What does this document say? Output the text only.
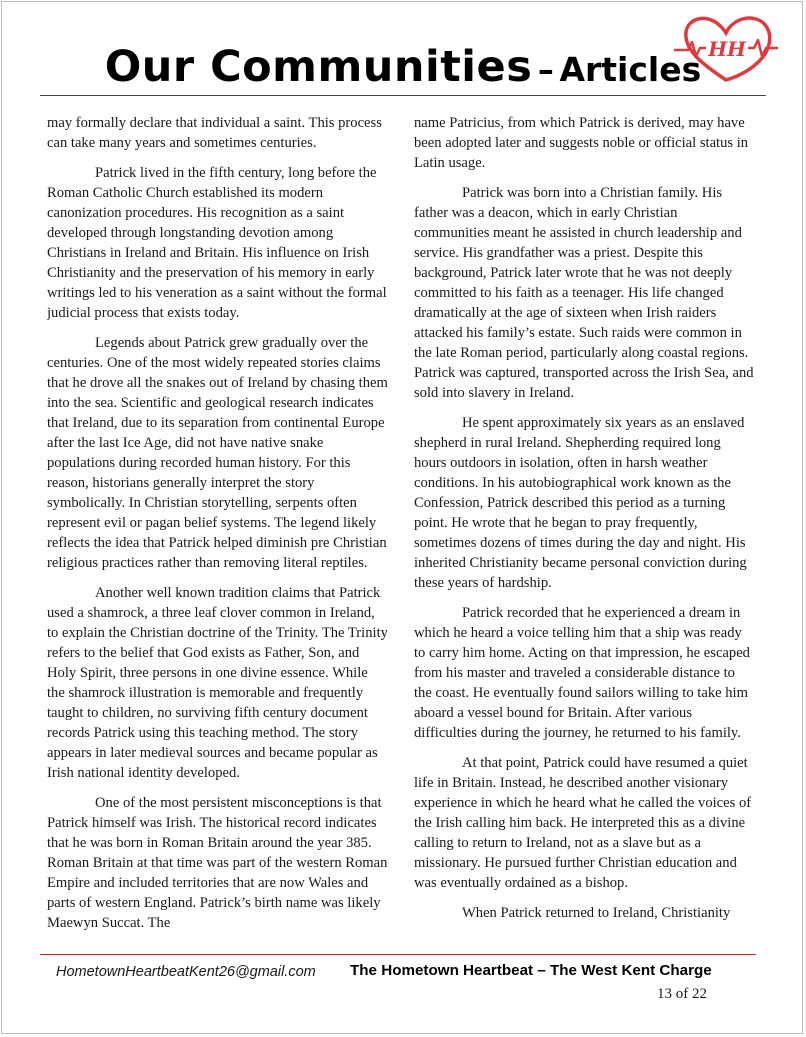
Our Communities – Articles
HH

may formally declare that individual a saint. This process can take many years and sometimes centuries.

Patrick lived in the fifth century, long before the Roman Catholic Church established its modern canonization procedures. His recognition as a saint developed through longstanding devotion among Christians in Ireland and Britain. His influence on Irish Christianity and the preservation of his memory in early writings led to his veneration as a saint without the formal judicial process that exists today.

Legends about Patrick grew gradually over the centuries. One of the most widely repeated stories claims that he drove all the snakes out of Ireland by chasing them into the sea. Scientific and geological research indicates that Ireland, due to its separation from continental Europe after the last Ice Age, did not have native snake populations during recorded human history. For this reason, historians generally interpret the story symbolically. In Christian storytelling, serpents often represent evil or pagan belief systems. The legend likely reflects the idea that Patrick helped diminish pre Christian religious practices rather than removing literal reptiles.

Another well known tradition claims that Patrick used a shamrock, a three leaf clover common in Ireland, to explain the Christian doctrine of the Trinity. The Trinity refers to the belief that God exists as Father, Son, and Holy Spirit, three persons in one divine essence. While the shamrock illustration is memorable and frequently taught to children, no surviving fifth century document records Patrick using this teaching method. The story appears in later medieval sources and became popular as Irish national identity developed.

One of the most persistent misconceptions is that Patrick himself was Irish. The historical record indicates that he was born in Roman Britain around the year 385. Roman Britain at that time was part of the western Roman Empire and included territories that are now Wales and parts of western England. Patrick’s birth name was likely Maewyn Succat. The

name Patricius, from which Patrick is derived, may have been adopted later and suggests noble or official status in Latin usage.

Patrick was born into a Christian family. His father was a deacon, which in early Christian communities meant he assisted in church leadership and service. His grandfather was a priest. Despite this background, Patrick later wrote that he was not deeply committed to his faith as a teenager. His life changed dramatically at the age of sixteen when Irish raiders attacked his family’s estate. Such raids were common in the late Roman period, particularly along coastal regions. Patrick was captured, transported across the Irish Sea, and sold into slavery in Ireland.

He spent approximately six years as an enslaved shepherd in rural Ireland. Shepherding required long hours outdoors in isolation, often in harsh weather conditions. In his autobiographical work known as the Confession, Patrick described this period as a turning point. He wrote that he began to pray frequently, sometimes dozens of times during the day and night. His inherited Christianity became personal conviction during these years of hardship.

Patrick recorded that he experienced a dream in which he heard a voice telling him that a ship was ready to carry him home. Acting on that impression, he escaped from his master and traveled a considerable distance to the coast. He eventually found sailors willing to take him aboard a vessel bound for Britain. After various difficulties during the journey, he returned to his family.

At that point, Patrick could have resumed a quiet life in Britain. Instead, he described another visionary experience in which he heard what he called the voices of the Irish calling him back. He interpreted this as a divine calling to return to Ireland, not as a slave but as a missionary. He pursued further Christian education and was eventually ordained as a bishop.

When Patrick returned to Ireland, Christianity

HometownHeartbeatKent26@gmail.com The Hometown Heartbeat – The West Kent Charge
13 of 22
